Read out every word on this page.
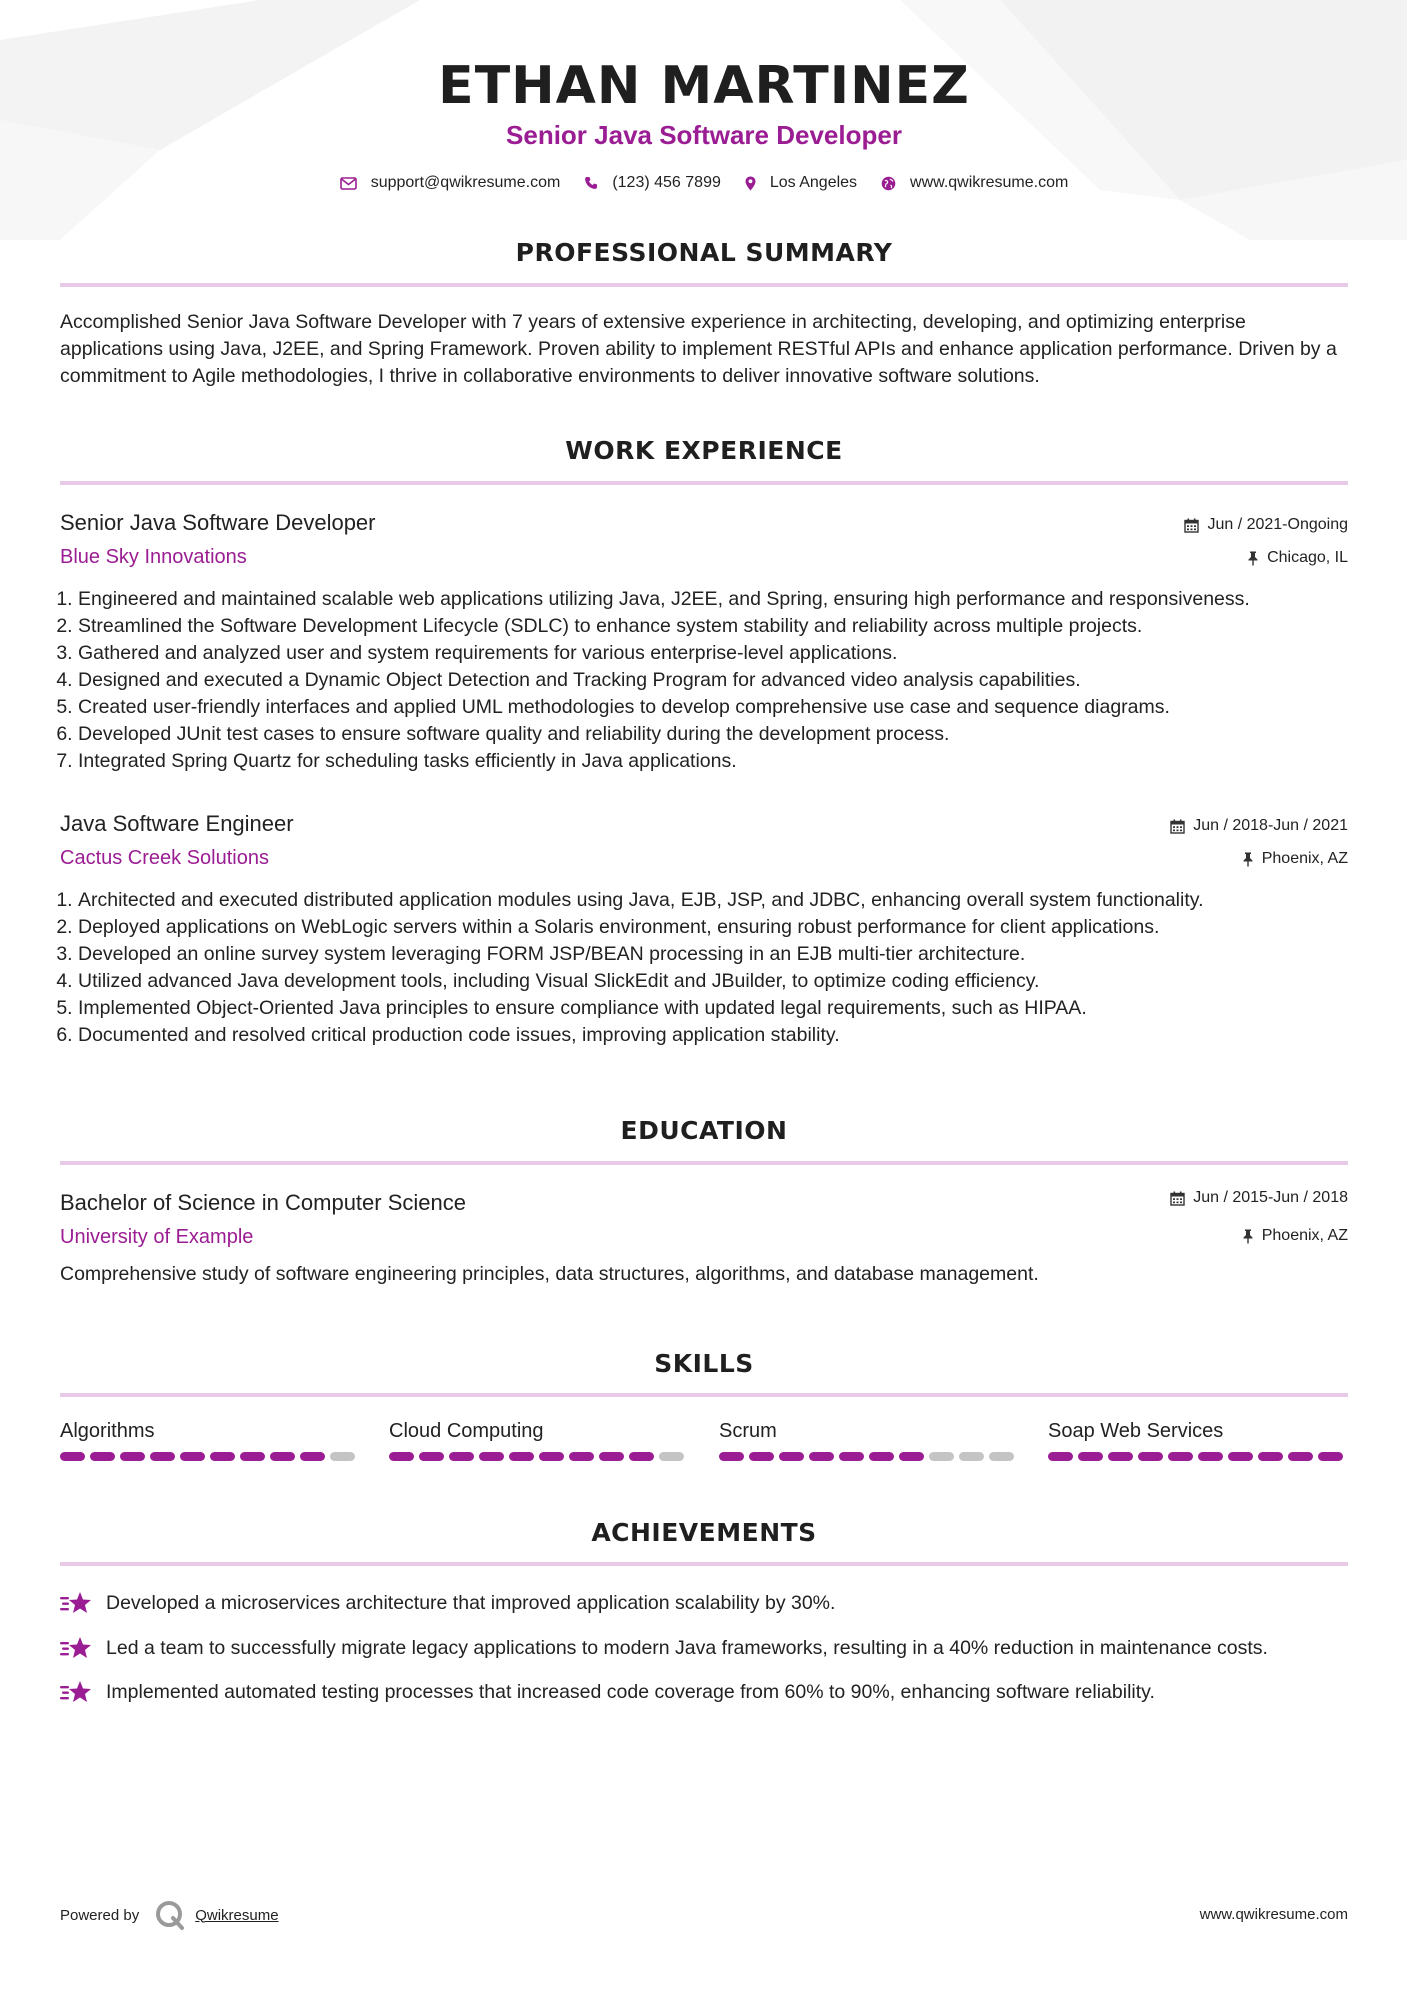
ETHAN MARTINEZ
Senior Java Software Developer
support@qwikresume.com	(123) 456 7899	Los Angeles	www.qwikresume.com
PROFESSIONAL SUMMARY

Accomplished Senior Java Software Developer with 7 years of extensive experience in architecting, developing, and optimizing enterprise applications using Java, J2EE, and Spring Framework. Proven ability to implement RESTful APIs and enhance application performance. Driven by a commitment to Agile methodologies, I thrive in collaborative environments to deliver innovative software solutions.

WORK EXPERIENCE
Senior Java Software Developer
Blue Sky Innovations
Jun / 2021-Ongoing
Chicago, IL
1. Engineered and maintained scalable web applications utilizing Java, J2EE, and Spring, ensuring high performance and responsiveness.
2. Streamlined the Software Development Lifecycle (SDLC) to enhance system stability and reliability across multiple projects.
3. Gathered and analyzed user and system requirements for various enterprise-level applications.
4. Designed and executed a Dynamic Object Detection and Tracking Program for advanced video analysis capabilities.
5. Created user-friendly interfaces and applied UML methodologies to develop comprehensive use case and sequence diagrams.
6. Developed JUnit test cases to ensure software quality and reliability during the development process.
7. Integrated Spring Quartz for scheduling tasks efficiently in Java applications.
Java Software Engineer
Cactus Creek Solutions
Jun / 2018-Jun / 2021
Phoenix, AZ
1. Architected and executed distributed application modules using Java, EJB, JSP, and JDBC, enhancing overall system functionality.
2. Deployed applications on WebLogic servers within a Solaris environment, ensuring robust performance for client applications.
3. Developed an online survey system leveraging FORM JSP/BEAN processing in an EJB multi-tier architecture.
4. Utilized advanced Java development tools, including Visual SlickEdit and JBuilder, to optimize coding efficiency.
5. Implemented Object-Oriented Java principles to ensure compliance with updated legal requirements, such as HIPAA.
6. Documented and resolved critical production code issues, improving application stability.
EDUCATION
Bachelor of Science in Computer Science
University of Example
Jun / 2015-Jun / 2018
Phoenix, AZ
Comprehensive study of software engineering principles, data structures, algorithms, and database management.
SKILLS
Algorithms	Cloud Computing	Scrum	Soap Web Services
ACHIEVEMENTS
Developed a microservices architecture that improved application scalability by 30%.
Led a team to successfully migrate legacy applications to modern Java frameworks, resulting in a 40% reduction in maintenance costs.
Implemented automated testing processes that increased code coverage from 60% to 90%, enhancing software reliability.
Powered by	Qwikresume	www.qwikresume.com
